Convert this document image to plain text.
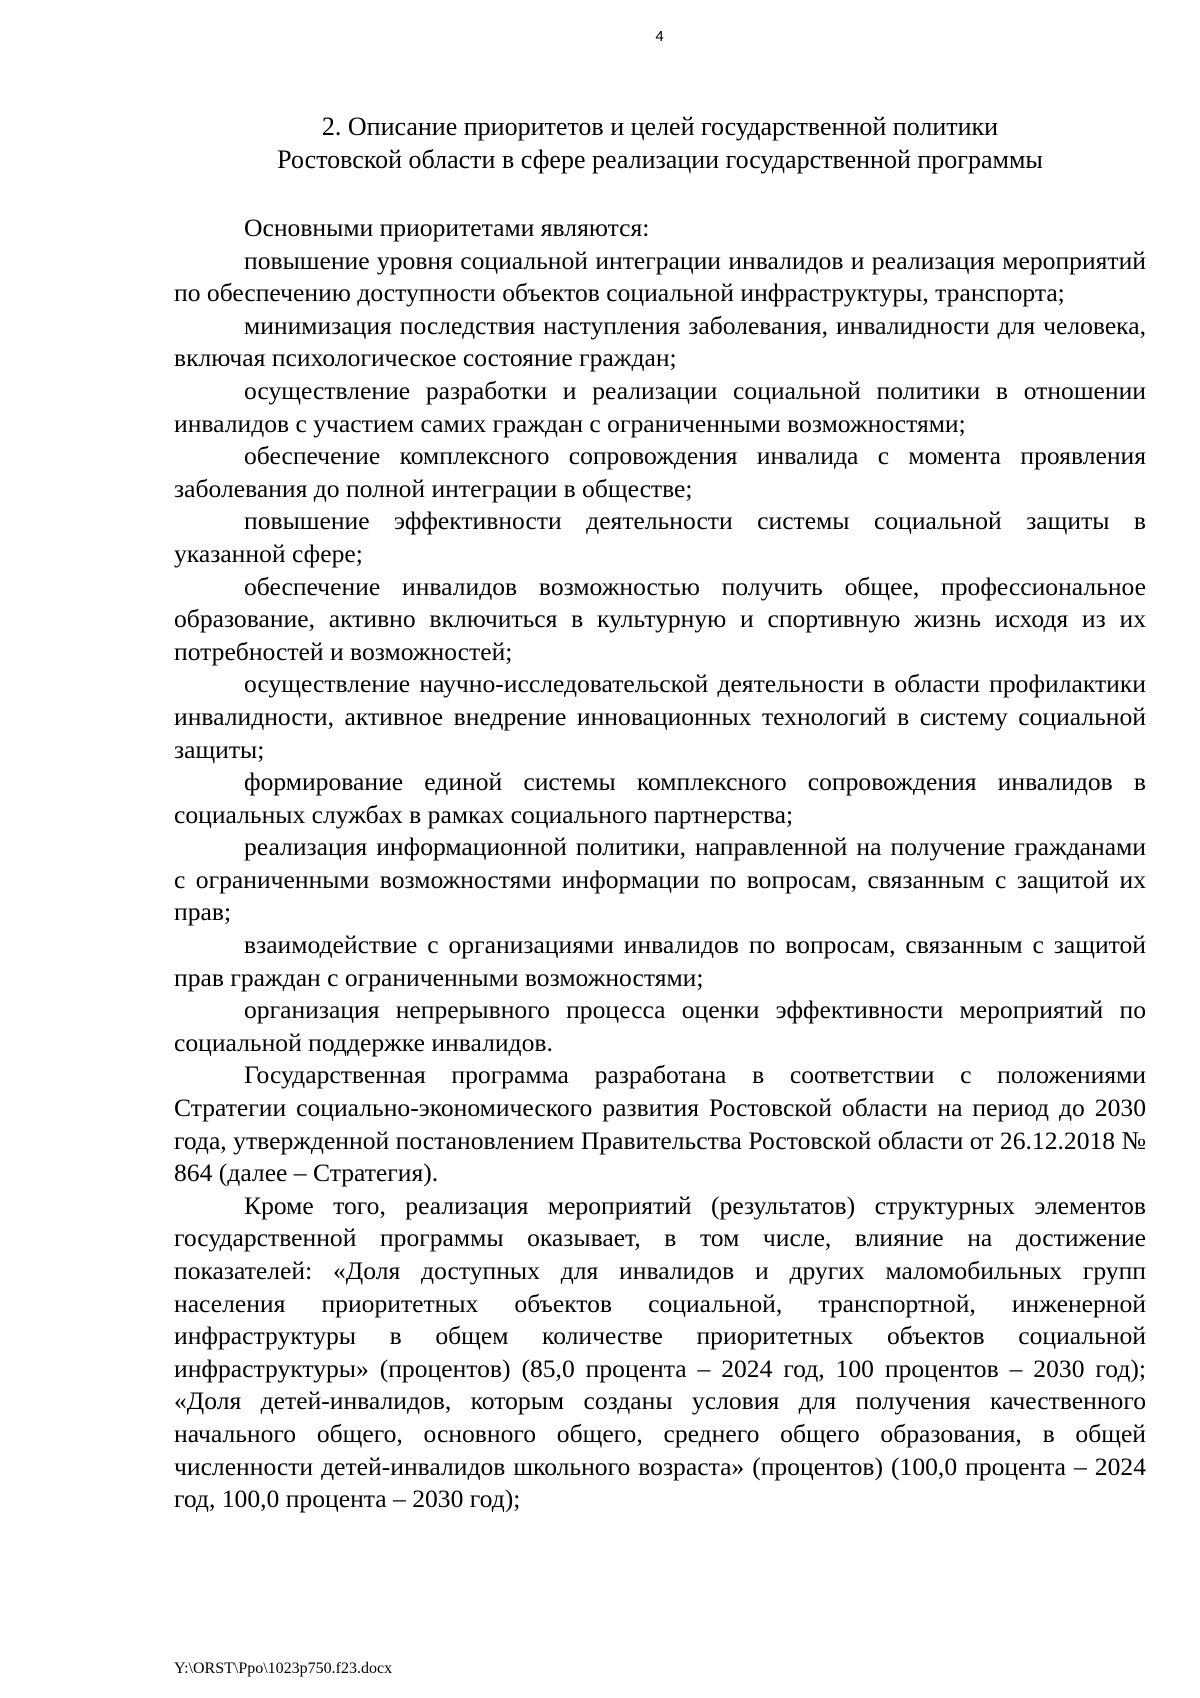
4
2. Описание приоритетов и целей государственной политики
Ростовской области в сфере реализации государственной программы

Основными приоритетами являются:

повышение уровня социальной интеграции инвалидов и реализация мероприятий по обеспечению доступности объектов социальной инфраструктуры, транспорта;

минимизация последствия наступления заболевания, инвалидности для человека, включая психологическое состояние граждан;

осуществление разработки и реализации социальной политики в отношении инвалидов с участием самих граждан с ограниченными возможностями;

обеспечение комплексного сопровождения инвалида с момента проявления заболевания до полной интеграции в обществе;

повышение эффективности деятельности системы социальной защиты в указанной сфере;

обеспечение инвалидов возможностью получить общее, профессиональное образование, активно включиться в культурную и спортивную жизнь исходя из их потребностей и возможностей;

осуществление научно-исследовательской деятельности в области профилактики инвалидности, активное внедрение инновационных технологий в систему социальной защиты;

формирование единой системы комплексного сопровождения инвалидов в социальных службах в рамках социального партнерства;

реализация информационной политики, направленной на получение гражданами с ограниченными возможностями информации по вопросам, связанным с защитой их прав;

взаимодействие с организациями инвалидов по вопросам, связанным с защитой прав граждан с ограниченными возможностями;

организация непрерывного процесса оценки эффективности мероприятий по социальной поддержке инвалидов.

Государственная программа разработана в соответствии с положениями Стратегии социально-экономического развития Ростовской области на период до 2030 года, утвержденной постановлением Правительства Ростовской области от 26.12.2018 № 864 (далее – Стратегия).

Кроме того, реализация мероприятий (результатов) структурных элементов государственной программы оказывает, в том числе, влияние на достижение показателей: «Доля доступных для инвалидов и других маломобильных групп населения приоритетных объектов социальной, транспортной, инженерной инфраструктуры в общем количестве приоритетных объектов социальной инфраструктуры» (процентов) (85,0 процента – 2024 год, 100 процентов – 2030 год); «Доля детей-инвалидов, которым созданы условия для получения качественного начального общего, основного общего, среднего общего образования, в общей численности детей-инвалидов школьного возраста» (процентов) (100,0 процента – 2024 год, 100,0 процента – 2030 год);

Y:\ORST\Ppo\1023p750.f23.docx
